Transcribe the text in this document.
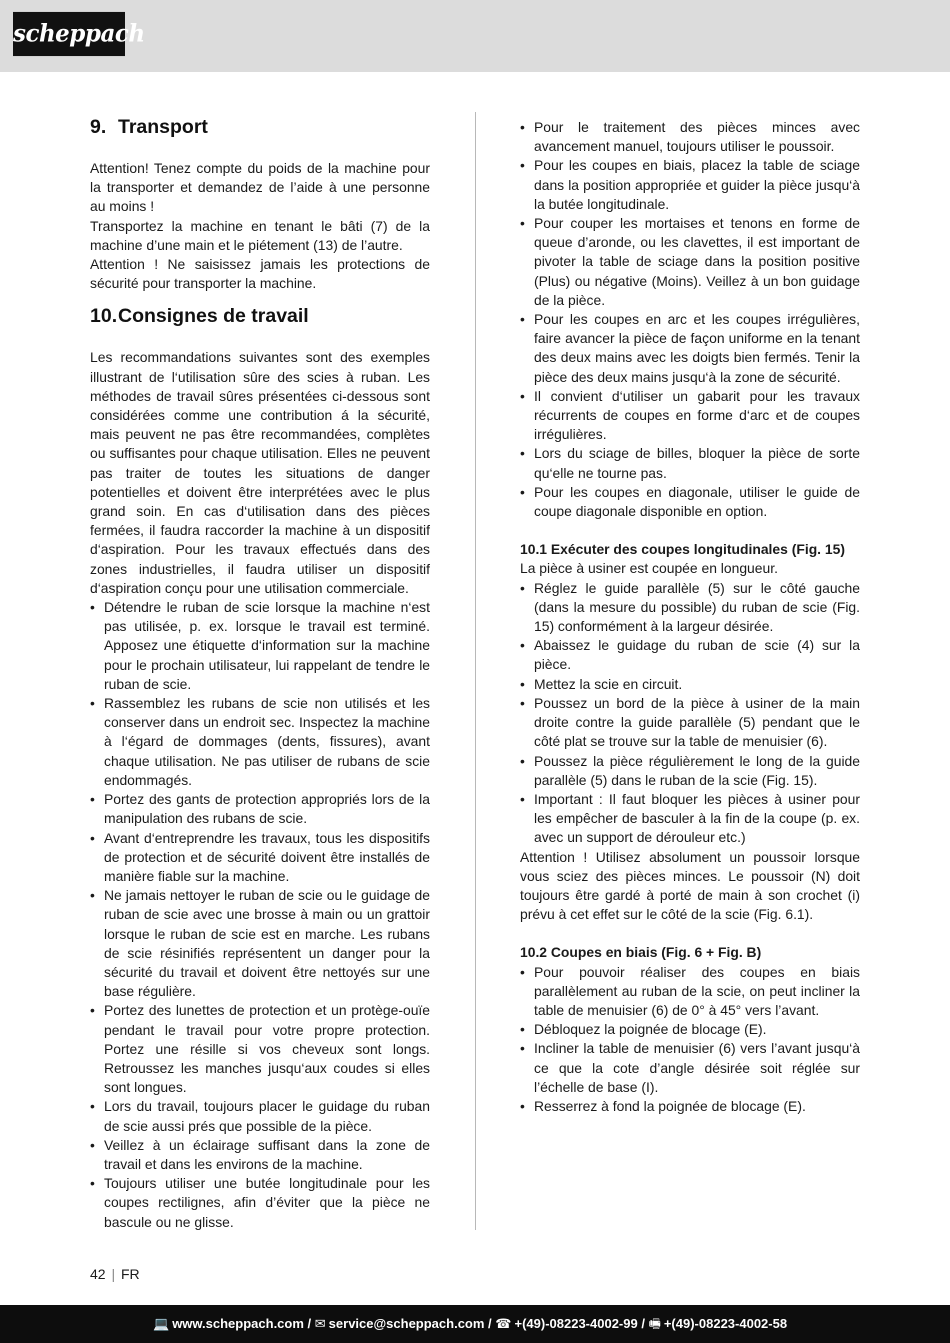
scheppach
9. Transport

Attention! Tenez compte du poids de la machine pour la transporter et demandez de l’aide à une personne au moins !

Transportez la machine en tenant le bâti (7) de la machine d’une main et le piétement (13) de l’autre.

Attention ! Ne saisissez jamais les protections de sécurité pour transporter la machine.

10.Consignes de travail

Les recommandations suivantes sont des exemples illustrant de l‘utilisation sûre des scies à ruban. Les méthodes de travail sûres présentées ci-dessous sont considérées comme une contribution á la sécurité, mais peuvent ne pas être recommandées, complètes ou suffisantes pour chaque utilisation. Elles ne peuvent pas traiter de toutes les situations de danger potentielles et doivent être interprétées avec le plus grand soin. En cas d‘utilisation dans des pièces fermées, il faudra raccorder la machine à un dispositif d‘aspiration. Pour les travaux effectués dans des zones industrielles, il faudra utiliser un dispositif d‘aspiration conçu pour une utilisation commerciale.

• Détendre le ruban de scie lorsque la machine n‘est pas utilisée, p. ex. lorsque le travail est terminé. Apposez une étiquette d‘information sur la machine pour le prochain utilisateur, lui rappelant de tendre le ruban de scie.
• Rassemblez les rubans de scie non utilisés et les conserver dans un endroit sec. Inspectez la machine à l‘égard de dommages (dents, fissures), avant chaque utilisation. Ne pas utiliser de rubans de scie endommagés.
• Portez des gants de protection appropriés lors de la manipulation des rubans de scie.
• Avant d‘entreprendre les travaux, tous les dispositifs de protection et de sécurité doivent être installés de manière fiable sur la machine.
• Ne jamais nettoyer le ruban de scie ou le guidage de ruban de scie avec une brosse à main ou un grattoir lorsque le ruban de scie est en marche. Les rubans de scie résinifiés représentent un danger pour la sécurité du travail et doivent être nettoyés sur une base régulière.
• Portez des lunettes de protection et un protège-ouïe pendant le travail pour votre propre protection. Portez une résille si vos cheveux sont longs. Retroussez les manches jusqu‘aux coudes si elles sont longues.
• Lors du travail, toujours placer le guidage du ruban de scie aussi prés que possible de la pièce.
• Veillez à un éclairage suffisant dans la zone de travail et dans les environs de la machine.
• Toujours utiliser une butée longitudinale pour les coupes rectilignes, afin d’éviter que la pièce ne bascule ou ne glisse.
• Pour le traitement des pièces minces avec avancement manuel, toujours utiliser le poussoir.
• Pour les coupes en biais, placez la table de sciage dans la position appropriée et guider la pièce jusqu‘à la butée longitudinale.
• Pour couper les mortaises et tenons en forme de queue d’aronde, ou les clavettes, il est important de pivoter la table de sciage dans la position positive (Plus) ou négative (Moins). Veillez à un bon guidage de la pièce.
• Pour les coupes en arc et les coupes irrégulières, faire avancer la pièce de façon uniforme en la tenant des deux mains avec les doigts bien fermés. Tenir la pièce des deux mains jusqu‘à la zone de sécurité.
• Il convient d‘utiliser un gabarit pour les travaux récurrents de coupes en forme d‘arc et de coupes irrégulières.
• Lors du sciage de billes, bloquer la pièce de sorte qu‘elle ne tourne pas.
• Pour les coupes en diagonale, utiliser le guide de coupe diagonale disponible en option.
10.1 Exécuter des coupes longitudinales (Fig. 15)

La pièce à usiner est coupée en longueur.

• Réglez le guide parallèle (5) sur le côté gauche (dans la mesure du possible) du ruban de scie (Fig. 15) conformément à la largeur désirée.
• Abaissez le guidage du ruban de scie (4) sur la pièce.
• Mettez la scie en circuit.
• Poussez un bord de la pièce à usiner de la main droite contre la guide parallèle (5) pendant que le côté plat se trouve sur la table de menuisier (6).
• Poussez la pièce régulièrement le long de la guide parallèle (5) dans le ruban de la scie (Fig. 15).
• Important : Il faut bloquer les pièces à usiner pour les empêcher de basculer à la fin de la coupe (p. ex. avec un support de dérouleur etc.)

Attention ! Utilisez absolument un poussoir lorsque vous sciez des pièces minces. Le poussoir (N) doit toujours être gardé à porté de main à son crochet (i) prévu à cet effet sur le côté de la scie (Fig. 6.1).

10.2 Coupes en biais (Fig. 6 + Fig. B)
• Pour pouvoir réaliser des coupes en biais parallèlement au ruban de la scie, on peut incliner la table de menuisier (6) de 0° à 45° vers l’avant.
• Débloquez la poignée de blocage (E).
• Incliner la table de menuisier (6) vers l’avant jusqu‘à ce que la cote d’angle désirée soit réglée sur l’échelle de base (I).
• Resserrez à fond la poignée de blocage (E).
42 | FR
💻 www.scheppach.com / ✉ service@scheppach.com / ☎ +(49)-08223-4002-99 / 🖷 +(49)-08223-4002-58
